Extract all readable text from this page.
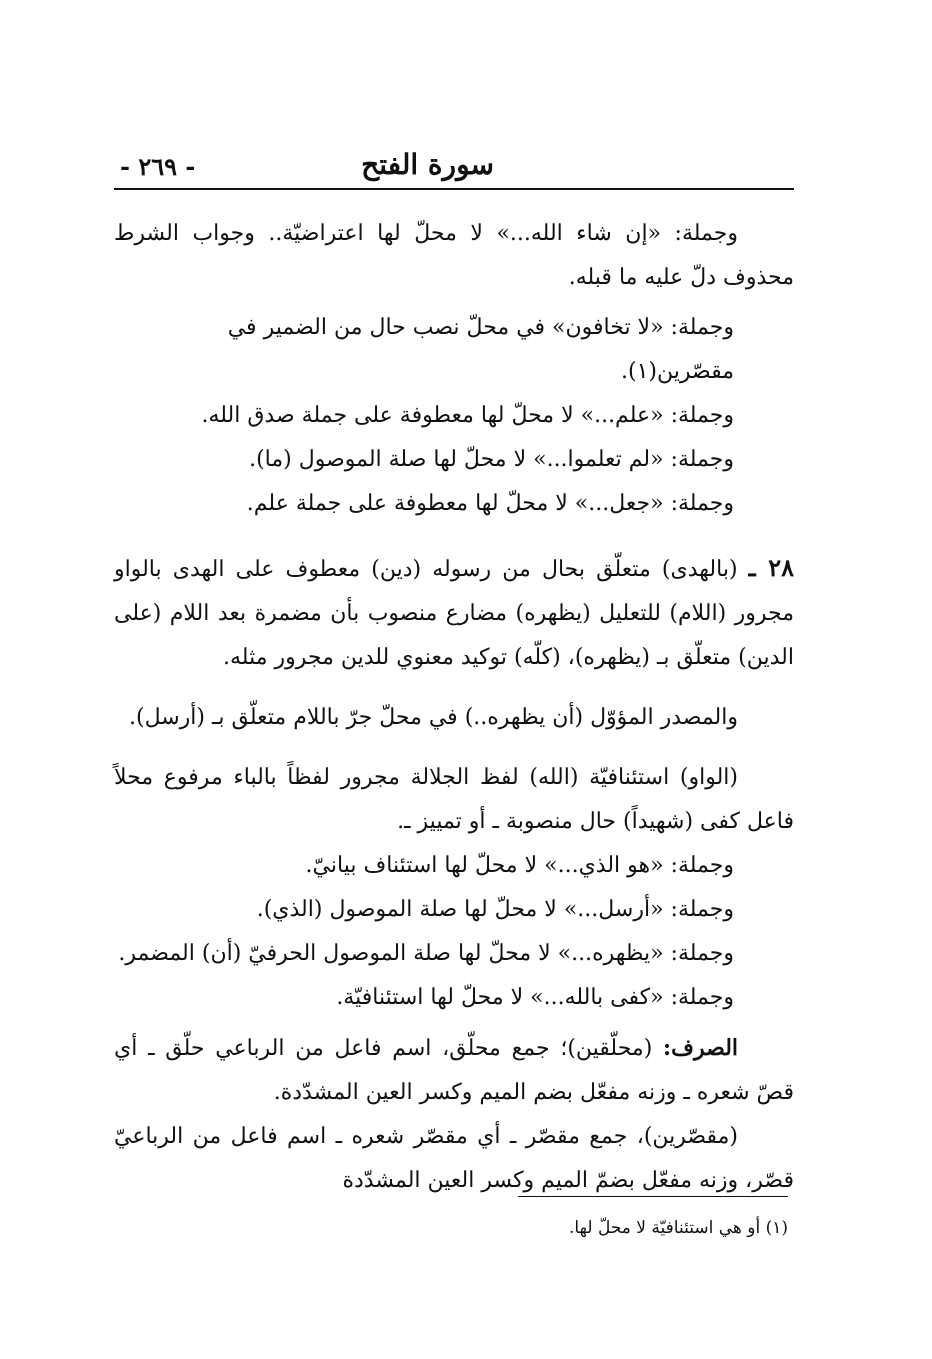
سورة الفتح
- ٢٦٩ -

وجملة: «إن شاء الله...» لا محلّ لها اعتراضيّة.. وجواب الشرط محذوف دلّ عليه ما قبله.

وجملة: «لا تخافون» في محلّ نصب حال من الضمير في مقصّرين(١).

وجملة: «علم...» لا محلّ لها معطوفة على جملة صدق الله.

وجملة: «لم تعلموا...» لا محلّ لها صلة الموصول (ما).

وجملة: «جعل...» لا محلّ لها معطوفة على جملة علم.

٢٨ ـ (بالهدى) متعلّق بحال من رسوله (دين) معطوف على الهدى بالواو مجرور (اللام) للتعليل (يظهره) مضارع منصوب بأن مضمرة بعد اللام (على الدين) متعلّق بـ (يظهره)، (كلّه) توكيد معنوي للدين مجرور مثله.

والمصدر المؤوّل (أن يظهره..) في محلّ جرّ باللام متعلّق بـ (أرسل).

(الواو) استئنافيّة (الله) لفظ الجلالة مجرور لفظاً بالباء مرفوع محلاً فاعل كفى (شهيداً) حال منصوبة ـ أو تمييز ـ.

وجملة: «هو الذي...» لا محلّ لها استئناف بيانيّ.

وجملة: «أرسل...» لا محلّ لها صلة الموصول (الذي).

وجملة: «يظهره...» لا محلّ لها صلة الموصول الحرفيّ (أن) المضمر.

وجملة: «كفى بالله...» لا محلّ لها استئنافيّة.

الصرف: (محلّقين)؛ جمع محلّق، اسم فاعل من الرباعي حلّق ـ أي قصّ شعره ـ وزنه مفعّل بضم الميم وكسر العين المشدّدة.

(مقصّرين)، جمع مقصّر ـ أي مقصّر شعره ـ اسم فاعل من الرباعيّ قصّر، وزنه مفعّل بضمّ الميم وكسر العين المشدّدة

(١) أو هي استئنافيّة لا محلّ لها.
